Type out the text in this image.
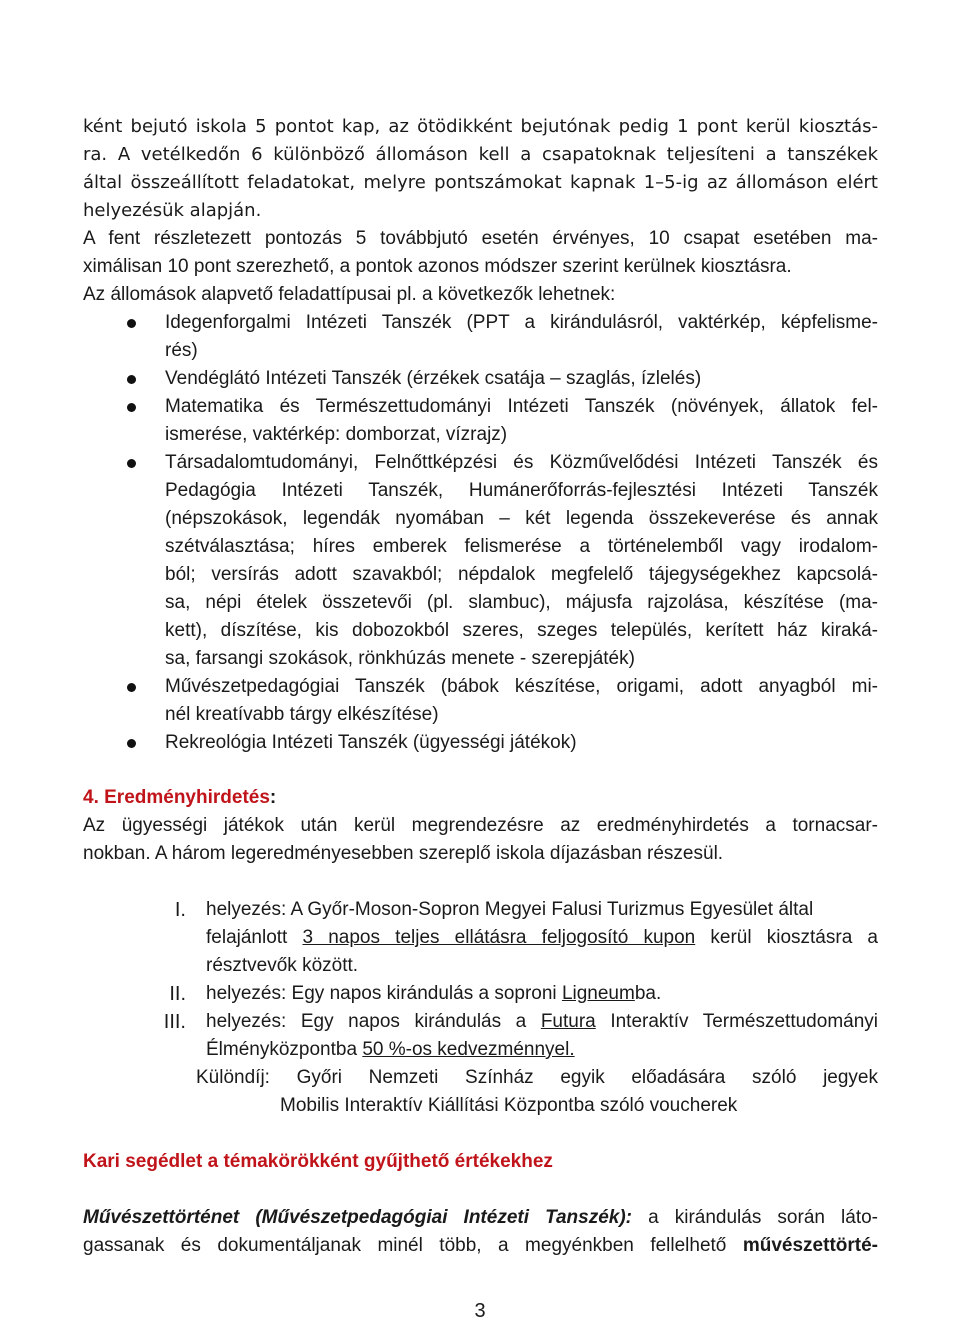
ként bejutó iskola 5 pontot kap, az ötödikként bejutónak pedig 1 pont kerül kiosztás-
ra. A vetélkedőn 6 különböző állomáson kell a csapatoknak teljesíteni a tanszékek
által összeállított feladatokat, melyre pontszámokat kapnak 1–5-ig az állomáson elért
helyezésük alapján.
A fent részletezett pontozás 5 továbbjutó esetén érvényes, 10 csapat esetében ma-
ximálisan 10 pont szerezhető, a pontok azonos módszer szerint kerülnek kiosztásra.
Az állomások alapvető feladattípusai pl. a következők lehetnek:
Idegenforgalmi Intézeti Tanszék (PPT a kirándulásról, vaktérkép, képfelisme-
rés)
Vendéglátó Intézeti Tanszék (érzékek csatája – szaglás, ízlelés)
Matematika és Természettudományi Intézeti Tanszék (növények, állatok fel-
ismerése, vaktérkép: domborzat, vízrajz)
Társadalomtudományi, Felnőttképzési és Közművelődési Intézeti Tanszék és
Pedagógia Intézeti Tanszék, Humánerőforrás-fejlesztési Intézeti Tanszék
(népszokások, legendák nyomában – két legenda összekeverése és annak
szétválasztása; híres emberek felismerése a történelemből vagy irodalom-
ból; versírás adott szavakból; népdalok megfelelő tájegységekhez kapcsolá-
sa, népi ételek összetevői (pl. slambuc), májusfa rajzolása, készítése (ma-
kett), díszítése, kis dobozokból szeres, szeges település, kerített ház kiraká-
sa, farsangi szokások, rönkhúzás menete - szerepjáték)
Művészetpedagógiai Tanszék (bábok készítése, origami, adott anyagból mi-
nél kreatívabb tárgy elkészítése)
Rekreológia Intézeti Tanszék (ügyességi játékok)
4. Eredményhirdetés:
Az ügyességi játékok után kerül megrendezésre az eredményhirdetés a tornacsar-
nokban. A három legeredményesebben szereplő iskola díjazásban részesül.
I. helyezés: A Győr-Moson-Sopron Megyei Falusi Turizmus Egyesület által
felajánlott 3 napos teljes ellátásra feljogosító kupon kerül kiosztásra a
résztvevők között.
II. helyezés: Egy napos kirándulás a soproni Ligneumba.
III. helyezés: Egy napos kirándulás a Futura Interaktív Természettudományi
Élményközpontba 50 %-os kedvezménnyel.
Különdíj: Győri Nemzeti Színház egyik előadására szóló jegyek
Mobilis Interaktív Kiállítási Központba szóló voucherek
Kari segédlet a témakörökként gyűjthető értékekhez
Művészettörténet (Művészetpedagógiai Intézeti Tanszék): a kirándulás során láto-
gassanak és dokumentáljanak minél több, a megyénkben fellelhető művészettörté-
3
